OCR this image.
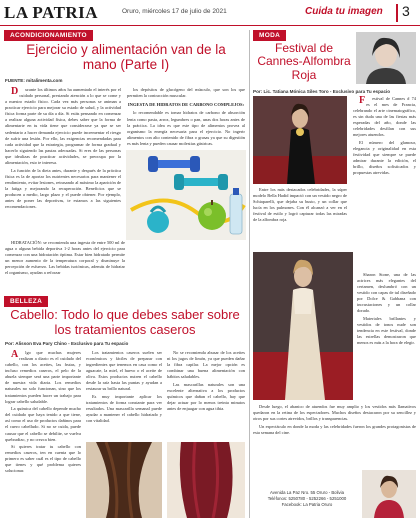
LA PATRIA	Oruro, miércoles 17 de julio de 2021	Cuida tu imagen 3
ACONDICIONAMIENTO
Ejercicio y alimentación van de la mano (Parte I)
FUENTE: mitalimenta.com

Durante los últimos años ha aumentado el interés por el cuidado personal, prestando atención a lo que se come y a nuestro estado físico. Cada vez más personas se animan a practicar ejercicio para mejorar su estado de salud, y la actividad física forma parte de su día a día. Si estás pensando en comenzar a realizar alguna actividad física, debes saber que la forma de alimentarte en tu vida tiene que considerarse ya que se ser sedentario a hacer demanda ejercicio puede incrementar el riesgo de sufrir una lesión. Por ello, las exigencias recomendadas para cada actividad que la estrategia, programar de forma gradual y hacerlo siguiendo las pautas adecuadas. Si eres de las personas que idealizas de practicar actividades, se preocupa por la alimentación, esto te interesa.

La función de la dieta antes, durante y después de la práctica física es la de aportar los nutrientes necesarios para mantener el rendimiento, evitar lesiones, retrasando al máximo la aparición de la fatiga y mejorando la recuperación. Beneficios que se producen a medio, largo plazo y el puede obtener. Por ejemplo, antes de poner las deportivas, te estamos a las siguientes recomendaciones.

los depósitos de glucógeno del músculo, que son los que permiten la contracción muscular.

INGESTA DE HIDRATOS DE CARBONO COMPLEJOS:

lo recomendable es tomar hidratos de carbono de absorción lenta como pasta, arroz, legumbres o pan, unas dos horas antes de la práctica. La idea es que este tipo de alimentos provea al organismo la energía necesaria para el ejercicio. No ingerir alimentos con alto contenido de fibra o grasas ya que su digestión es más lenta y pueden causar molestias gástricas.

HIDRATACIÓN: se recomienda una ingesta de entre 500 ml de agua o alguna bebida deportiva 1-2 horas antes del ejercicio para comenzar con una hidratación óptima. Estar bien hidratado permite un menor aumento de la temperatura corporal y disminuye la percepción de esfuerzo. Las bebidas isotónicas, además de hidratar el organismo, ayudan a reforzar

BELLEZA
Cabello: Todo lo que debes saber sobre los tratamientos caseros
Por: Alisson Eva Pary Chino - Exclusivo para Tu espacio

Algo que muchas mujeres realizan a diario es el cuidado del cabello, con los aceites, las frutas, y incluso remedios caseros, el pelo de la abuela siempre será una parte importante de nuestra vida diaria. Los remedios naturales no solo funcionan, sino que los tratamientos pueden hacer un trabajo para lograr cabello saludable.

La química del cabello depende mucho del cuidado que haya tenido a que tiene, así como el uso de productos dañinos para el cuero cabelludo. Si no se cuida, puede causar que el cabello se debilite, se vuelva quebradizo, y no crezca bien.

Si quieres tratar tu cabello con remedios caseros, ten en cuenta que lo primero es saber cuál es el tipo de cabello que tienes y qué problema quieres solucionar.

Los tratamientos caseros suelen ser económicos y fáciles de preparar con ingredientes que tenemos en casa como el aguacate, la miel, el huevo o el aceite de oliva. Estos productos nutren el cabello desde la raíz hasta las puntas y ayudan a restaurar su brillo natural.

Es muy importante aplicar los tratamientos de forma constante para ver resultados. Una mascarilla semanal puede ayudar a mantener el cabello hidratado y con vitalidad.

No se recomienda abusar de los aceites ni los jugos de limón, ya que pueden dañar la fibra capilar. La mejor opción es combinar una buena alimentación con hábitos saludables.

Las mascarillas naturales son una excelente alternativa a los productos químicos que dañan el cabello, hay que dejar actuar por lo menos treinta minutos antes de enjuagar con agua tibia.

MODA
Festival de Cannes-Alfombra Roja
Por: Lic. Tatiana Mónica Siles Toro - Exclusivo para Tu espacio

Festival de Cannes # 74 es el mes de Francia, celebrando el arte cinematográfico, es sin duda una de las fiestas más esperadas del año, donde las celebridades desfilan con sus mejores atuendos.

El número del glamour, elegancia y originalidad en esta festividad que siempre se puede admirar durante la edición, el brillo, diseños sofisticados y propuestas atrevidas.

Entre los más destacados celebridades, la súper modelo Bella Hadid impactó con un vestido negro de Schiaparelli, que dejaba su busto, y un collar que lucía en los pulmones. Con él alcanzó a ver en el festival de estilo y logró capturar todas las miradas de la alfombra roja.

Sharon Stone, una de las actrices más elegantes del certamen, deslumbró con un vestido con capas de tul diseñado por Dolce & Gabbana con incrustaciones y un collar dorado.

Materiales brillantes y vestidos de tonos nude son tendencia en este festival, donde las estrellas demostraron que menos es más a la hora de elegir.

Desde luego, el abanico de atuendos fue muy amplio y los vestidos más llamativos quedaron en la retina de los espectadores. Muchos diseños destacaron por su sencillez y otros por sus cortes atrevidos, brillos y transparencias.

Un espectáculo en donde la moda y las celebridades fueron los grandes protagonistas de esta semana del cine.

Avenida La Paz Nro. 55 Oruro - Bolivia
Teléfonos: 5250780 - 5252266 - 5251000
Facebook: La Patria Oruro
